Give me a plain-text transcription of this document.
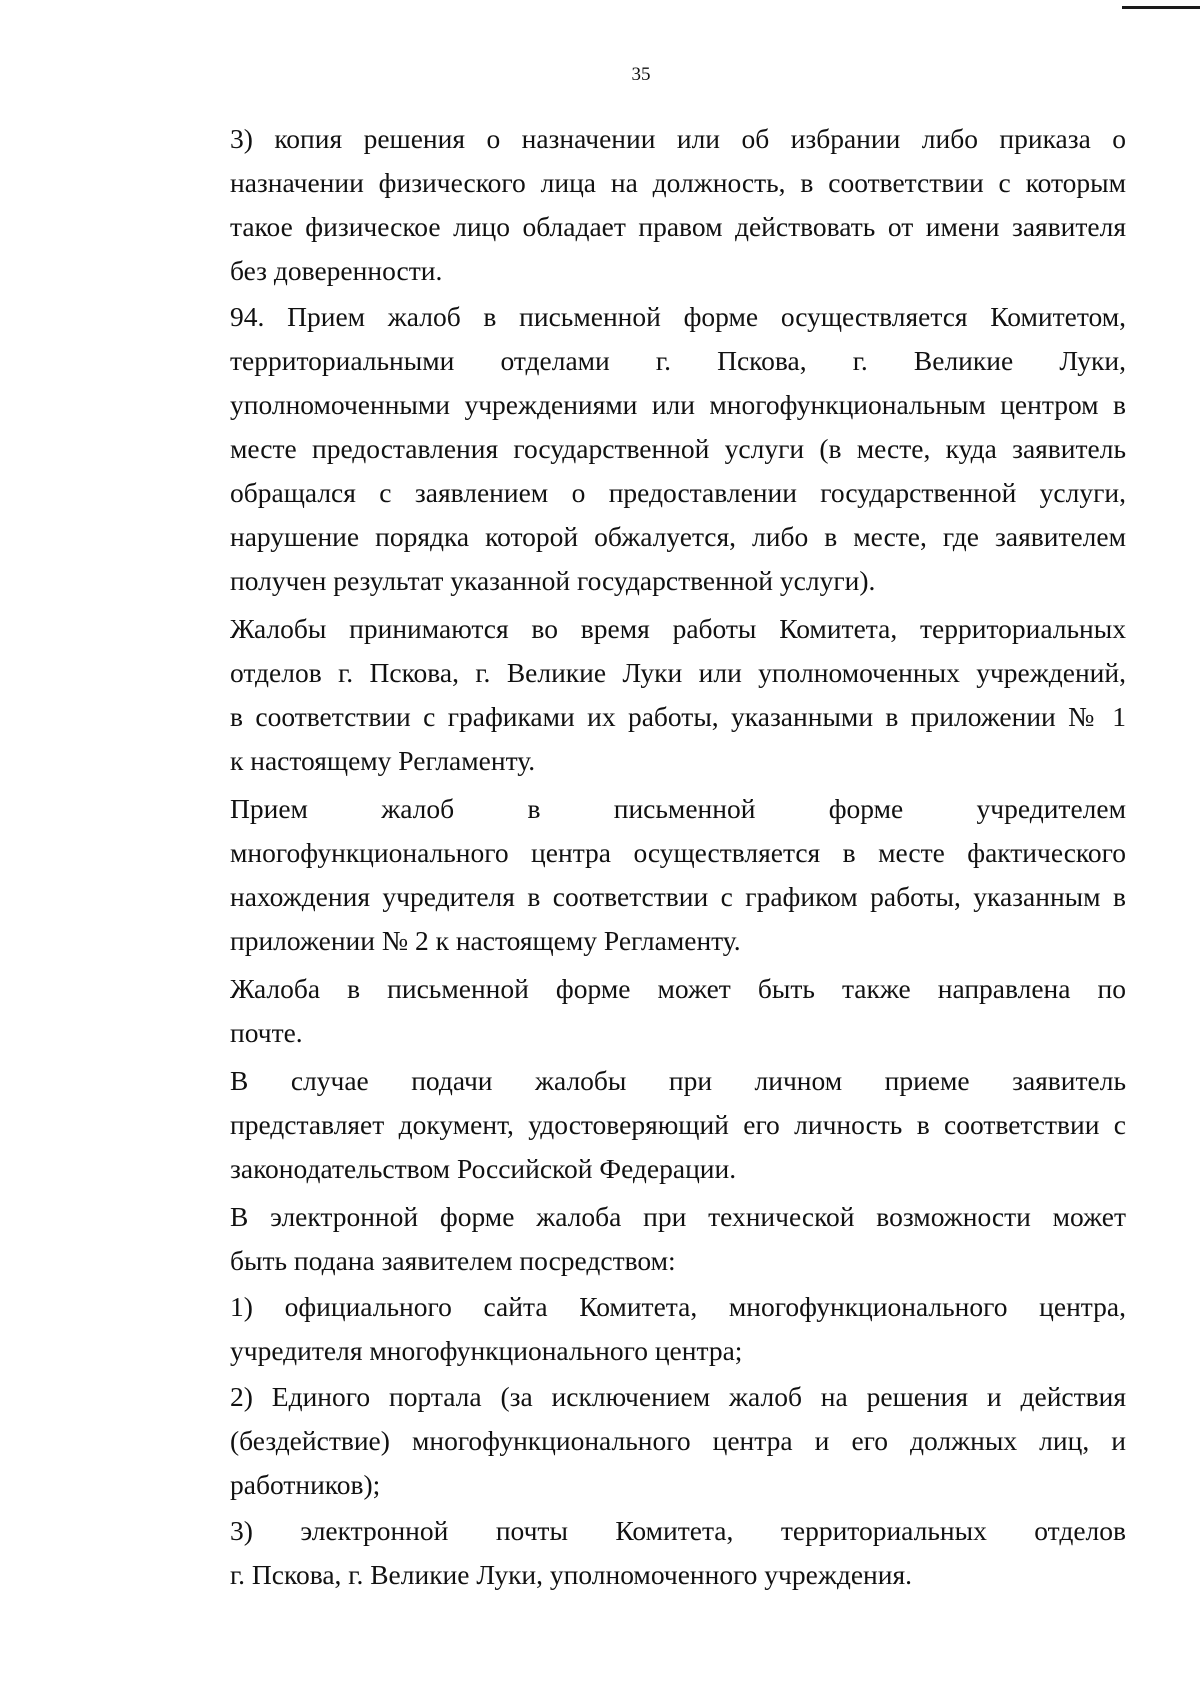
35

3) копия решения о назначении или об избрании либо приказа о
назначении физического лица на должность, в соответствии с которым
такое физическое лицо обладает правом действовать от имени заявителя
без доверенности.

94. Прием жалоб в письменной форме осуществляется Комитетом,
территориальными отделами г. Пскова, г. Великие Луки,
уполномоченными учреждениями или многофункциональным центром в
месте предоставления государственной услуги (в месте, куда заявитель
обращался с заявлением о предоставлении государственной услуги,
нарушение порядка которой обжалуется, либо в месте, где заявителем
получен результат указанной государственной услуги).

Жалобы принимаются во время работы Комитета, территориальных
отделов г. Пскова, г. Великие Луки или уполномоченных учреждений,
в соответствии с графиками их работы, указанными в приложении № 1
к настоящему Регламенту.

Прием жалоб в письменной форме учредителем
многофункционального центра осуществляется в месте фактического
нахождения учредителя в соответствии с графиком работы, указанным в
приложении № 2 к настоящему Регламенту.

Жалоба в письменной форме может быть также направлена по
почте.

В случае подачи жалобы при личном приеме заявитель
представляет документ, удостоверяющий его личность в соответствии с
законодательством Российской Федерации.

В электронной форме жалоба при технической возможности может
быть подана заявителем посредством:

1) официального сайта Комитета, многофункционального центра,
учредителя многофункционального центра;

2) Единого портала (за исключением жалоб на решения и действия
(бездействие) многофункционального центра и его должных лиц, и
работников);

3) электронной почты Комитета, территориальных отделов
г. Пскова, г. Великие Луки, уполномоченного учреждения.
